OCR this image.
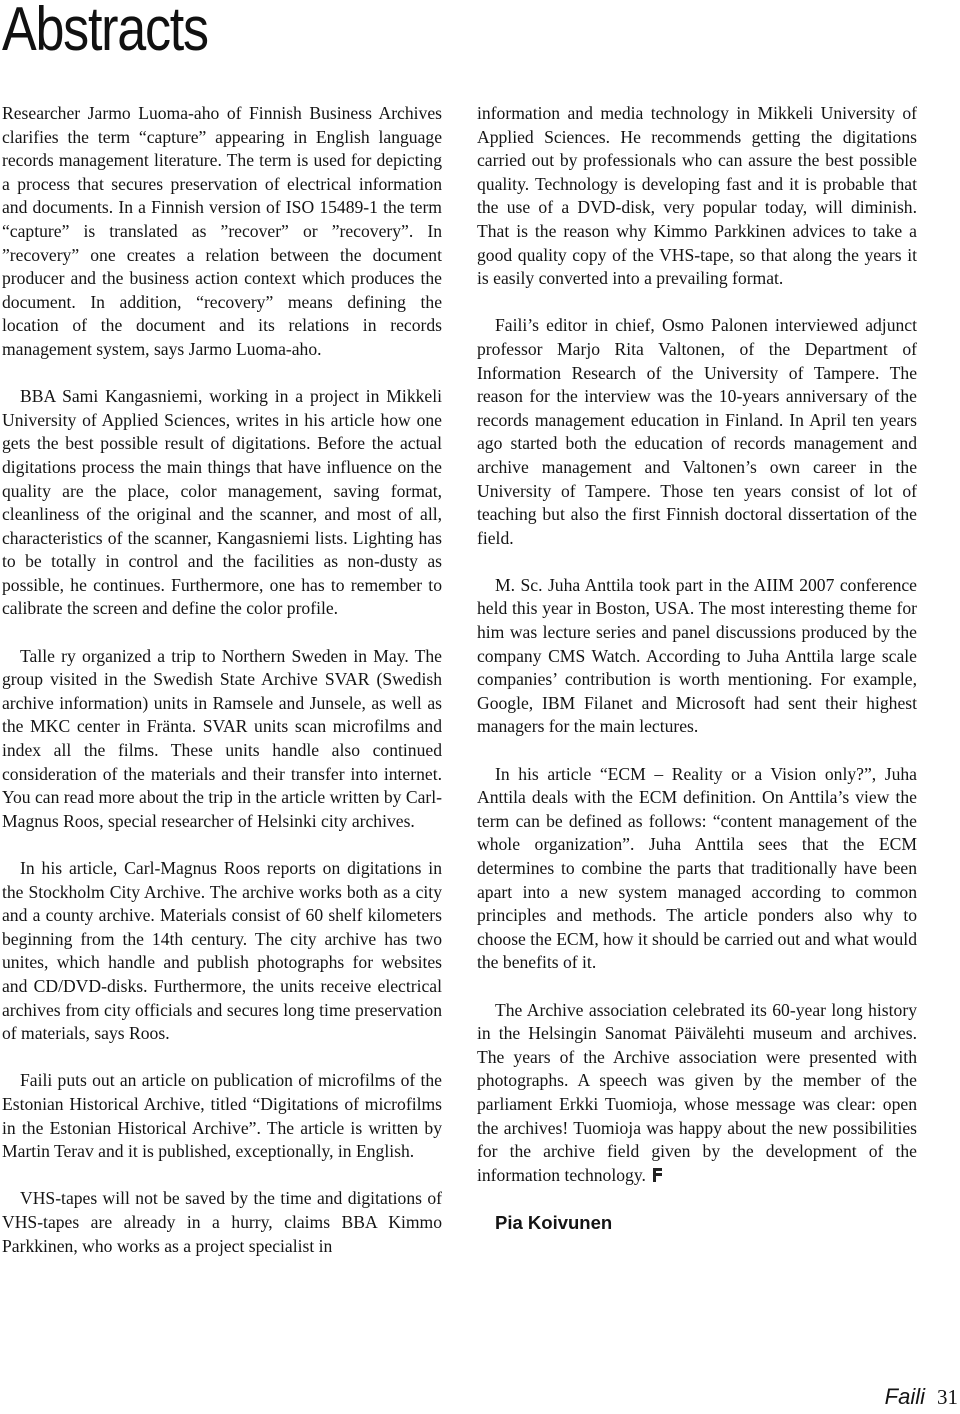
Abstracts

Researcher Jarmo Luoma-aho of Finnish Business Archives clarifies the term “capture” appearing in English language records management literature. The term is used for depicting a process that secures preservation of electrical information and documents. In a Finnish version of ISO 15489-1 the term “capture” is translated as ”recover” or ”recovery”. In ”recovery” one creates a relation between the document producer and the business action context which produces the document. In addition, “recovery” means defining the location of the document and its relations in records management system, says Jarmo Luoma-aho.

BBA Sami Kangasniemi, working in a project in Mikkeli University of Applied Sciences, writes in his article how one gets the best possible result of digitations. Before the actual digitations process the main things that have influence on the quality are the place, color management, saving format, cleanliness of the original and the scanner, and most of all, characteristics of the scanner, Kangasniemi lists. Lighting has to be totally in control and the facilities as non-dusty as possible, he continues. Furthermore, one has to remember to calibrate the screen and define the color profile.

Talle ry organized a trip to Northern Sweden in May. The group visited in the Swedish State Archive SVAR (Swedish archive information) units in Ramsele and Junsele, as well as the MKC center in Fränta. SVAR units scan microfilms and index all the films. These units handle also continued consideration of the materials and their transfer into internet. You can read more about the trip in the article written by Carl-Magnus Roos, special researcher of Helsinki city archives.

In his article, Carl-Magnus Roos reports on digitations in the Stockholm City Archive. The archive works both as a city and a county archive. Materials consist of 60 shelf kilometers beginning from the 14th century. The city archive has two unites, which handle and publish photographs for websites and CD/DVD-disks. Furthermore, the units receive electrical archives from city officials and secures long time preservation of materials, says Roos.

Faili puts out an article on publication of microfilms of the Estonian Historical Archive, titled “Digitations of microfilms in the Estonian Historical Archive”. The article is written by Martin Terav and it is published, exceptionally, in English.

VHS-tapes will not be saved by the time and digitations of VHS-tapes are already in a hurry, claims BBA Kimmo Parkkinen, who works as a project specialist in

information and media technology in Mikkeli University of Applied Sciences. He recommends getting the digitations carried out by professionals who can assure the best possible quality. Technology is developing fast and it is probable that the use of a DVD-disk, very popular today, will diminish. That is the reason why Kimmo Parkkinen advices to take a good quality copy of the VHS-tape, so that along the years it is easily converted into a prevailing format.

Faili’s editor in chief, Osmo Palonen interviewed adjunct professor Marjo Rita Valtonen, of the Department of Information Research of the University of Tampere. The reason for the interview was the 10-years anniversary of the records management education in Finland. In April ten years ago started both the education of records management and archive management and Valtonen’s own career in the University of Tampere. Those ten years consist of lot of teaching but also the first Finnish doctoral dissertation of the field.

M. Sc. Juha Anttila took part in the AIIM 2007 conference held this year in Boston, USA. The most interesting theme for him was lecture series and panel discussions produced by the company CMS Watch. According to Juha Anttila large scale companies’ contribution is worth mentioning. For example, Google, IBM Filanet and Microsoft had sent their highest managers for the main lectures.

In his article “ECM – Reality or a Vision only?”, Juha Anttila deals with the ECM definition. On Anttila’s view the term can be defined as follows: “content management of the whole organization”. Juha Anttila sees that the ECM determines to combine the parts that traditionally have been apart into a new system managed according to common principles and methods. The article ponders also why to choose the ECM, how it should be carried out and what would the benefits of it.

The Archive association celebrated its 60-year long history in the Helsingin Sanomat Päivälehti museum and archives. The years of the Archive association were presented with photographs. A speech was given by the member of the parliament Erkki Tuomioja, whose message was clear: open the archives! Tuomioja was happy about the new possibilities for the archive field given by the development of the information technology.

Pia Koivunen
Faili 31
